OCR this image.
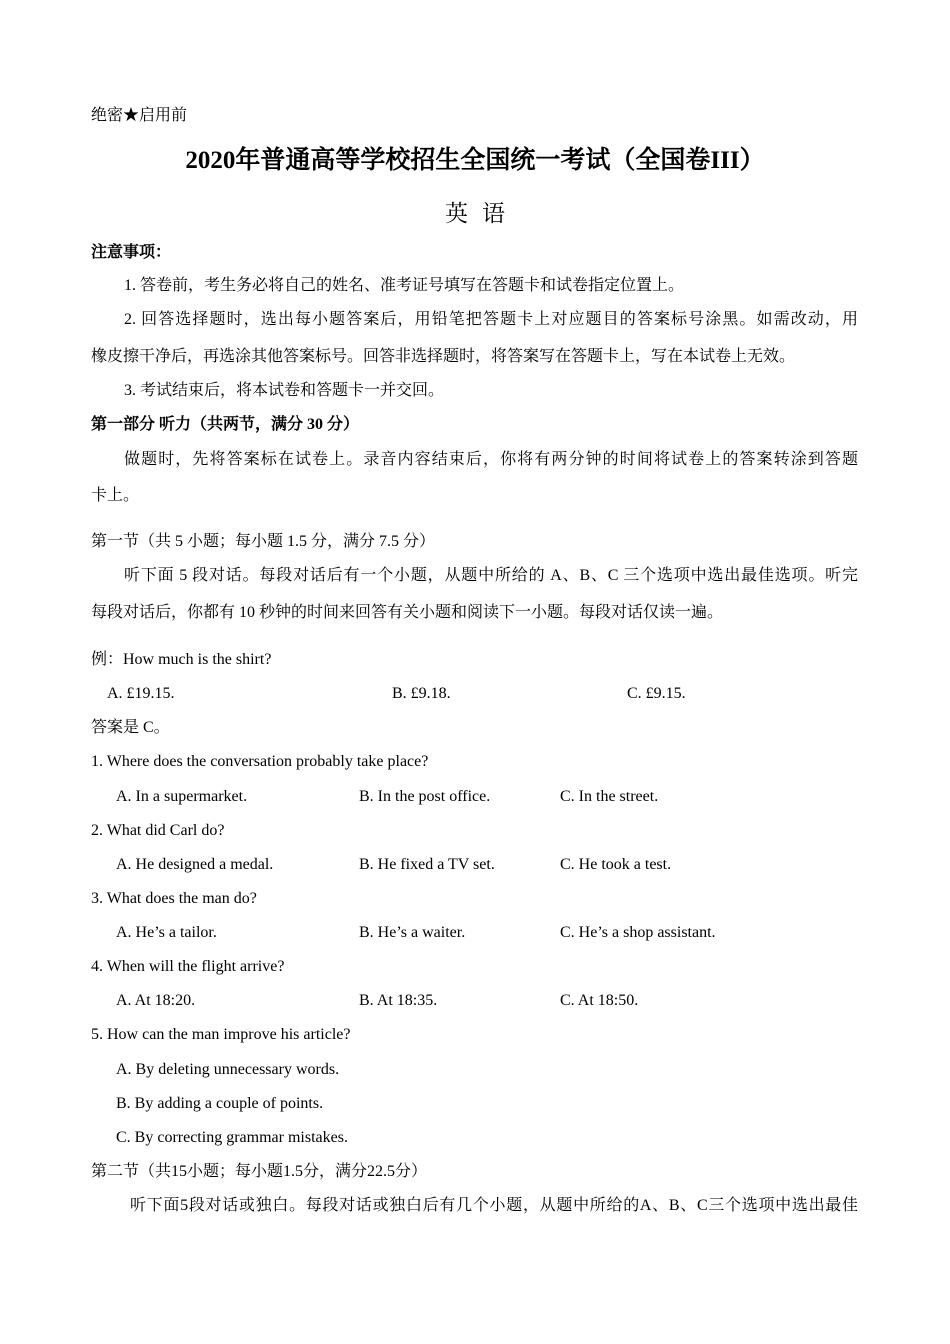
绝密★启用前
2020年普通高等学校招生全国统一考试（全国卷III）
英语
注意事项：
1. 答卷前，考生务必将自己的姓名、准考证号填写在答题卡和试卷指定位置上。
2. 回答选择题时，选出每小题答案后，用铅笔把答题卡上对应题目的答案标号涂黑。如需改动，用
橡皮擦干净后，再选涂其他答案标号。回答非选择题时，将答案写在答题卡上，写在本试卷上无效。
3. 考试结束后，将本试卷和答题卡一并交回。
第一部分 听力（共两节，满分 30 分）
做题时，先将答案标在试卷上。录音内容结束后，你将有两分钟的时间将试卷上的答案转涂到答题
卡上。
第一节（共 5 小题；每小题 1.5 分，满分 7.5 分）
听下面 5 段对话。每段对话后有一个小题，从题中所给的 A、B、C 三个选项中选出最佳选项。听完
每段对话后，你都有 10 秒钟的时间来回答有关小题和阅读下一小题。每段对话仅读一遍。
例：How much is the shirt?
A. £19.15.	B. £9.18.	C. £9.15.
答案是 C。
1. Where does the conversation probably take place?
A. In a supermarket.	B. In the post office.	C. In the street.
2. What did Carl do?
A. He designed a medal.	B. He fixed a TV set.	C. He took a test.
3. What does the man do?
A. He’s a tailor.	B. He’s a waiter.	C. He’s a shop assistant.
4. When will the flight arrive?
A. At 18:20.	B. At 18:35.	C. At 18:50.
5. How can the man improve his article?
A. By deleting unnecessary words.
B. By adding a couple of points.
C. By correcting grammar mistakes.
第二节（共15小题；每小题1.5分，满分22.5分）
听下面5段对话或独白。每段对话或独白后有几个小题，从题中所给的A、B、C三个选项中选出最佳
